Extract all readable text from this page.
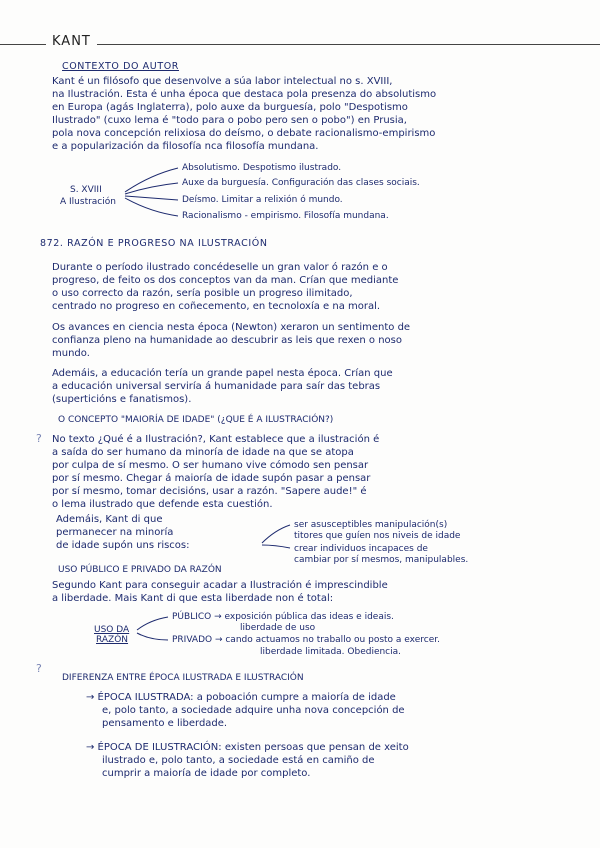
KANT
CONTEXTO DO AUTOR
Kant é un filósofo que desenvolve a súa labor intelectual no s. XVIII,
na Ilustración. Esta é unha época que destaca pola presenza do absolutismo
en Europa (agás Inglaterra), polo auxe da burguesía, polo "Despotismo
Ilustrado" (cuxo lema é "todo para o pobo pero sen o pobo") en Prusia,
pola nova concepción relixiosa do deísmo, o debate racionalismo-empirismo
e a popularización da filosofía nca filosofía mundana.
S. XVIII
A Ilustración
Absolutismo. Despotismo ilustrado.
Auxe da burguesía. Configuración das clases sociais.
Deísmo. Limitar a relixión ó mundo.
Racionalismo - empirismo. Filosofía mundana.
872. RAZÓN E PROGRESO NA ILUSTRACIÓN
Durante o período ilustrado concédeselle un gran valor ó razón e o
progreso, de feito os dos conceptos van da man. Crían que mediante
o uso correcto da razón, sería posible un progreso ilimitado,
centrado no progreso en coñecemento, en tecnoloxía e na moral.
Os avances en ciencia nesta época (Newton) xeraron un sentimento de
confianza pleno na humanidade ao descubrir as leis que rexen o noso
mundo.
Ademáis, a educación tería un grande papel nesta época. Crían que
a educación universal serviría á humanidade para saír das tebras
(superticións e fanatismos).
O CONCEPTO "MAIORÍA DE IDADE" (¿QUE É A ILUSTRACIÓN?)
? No texto ¿Qué é a Ilustración?, Kant establece que a ilustración é
a saída do ser humano da minoría de idade na que se atopa
por culpa de sí mesmo. O ser humano vive cómodo sen pensar
por sí mesmo. Chegar á maioría de idade supón pasar a pensar
por sí mesmo, tomar decisións, usar a razón. "Sapere aude!" é
o lema ilustrado que defende esta cuestión.
Ademáis, Kant di que
permanecer na minoría
de idade supón uns riscos:
ser asusceptibles manipulación(s)
titores que guíen nos niveis de idade
crear individuos incapaces de
cambiar por sí mesmos, manipulables.
USO PÚBLICO E PRIVADO DA RAZÓN
Segundo Kant para conseguir acadar a Ilustración é imprescindible
a liberdade. Mais Kant di que esta liberdade non é total:
USO DA
RAZÓN
PÚBLICO → exposición pública das ideas e ideais.
liberdade de uso
PRIVADO → cando actuamos no traballo ou posto a exercer.
liberdade limitada. Obediencia.
?
DIFERENZA ENTRE ÉPOCA ILUSTRADA E ILUSTRACIÓN
→ ÉPOCA ILUSTRADA: a poboación cumpre a maioría de idade
e, polo tanto, a sociedade adquire unha nova concepción de
pensamento e liberdade.
→ ÉPOCA DE ILUSTRACIÓN: existen persoas que pensan de xeito
ilustrado e, polo tanto, a sociedade está en camiño de
cumprir a maioría de idade por completo.
